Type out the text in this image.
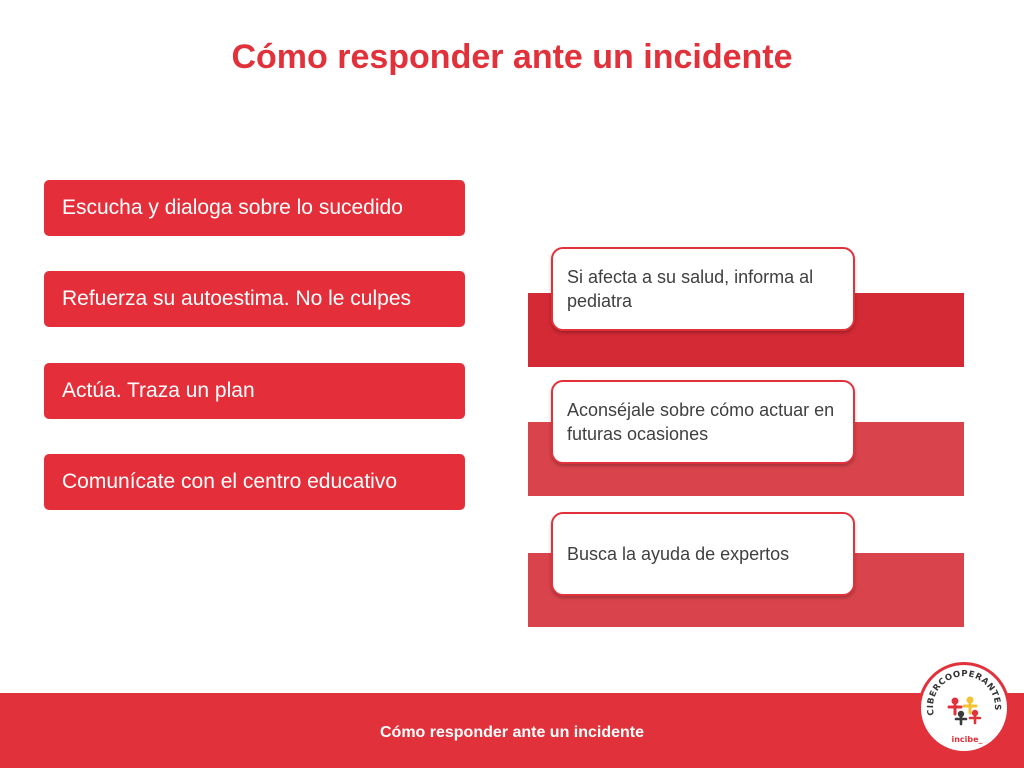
Cómo responder ante un incidente
Escucha y dialoga sobre lo sucedido
Refuerza su autoestima. No le culpes
Actúa. Traza un plan
Comunícate con el centro educativo
Si afecta a su salud, informa al pediatra
Aconséjale sobre cómo actuar en futuras ocasiones
Busca la ayuda de expertos
Cómo responder ante un incidente
CIBERCOOPERANTES
incibe_
